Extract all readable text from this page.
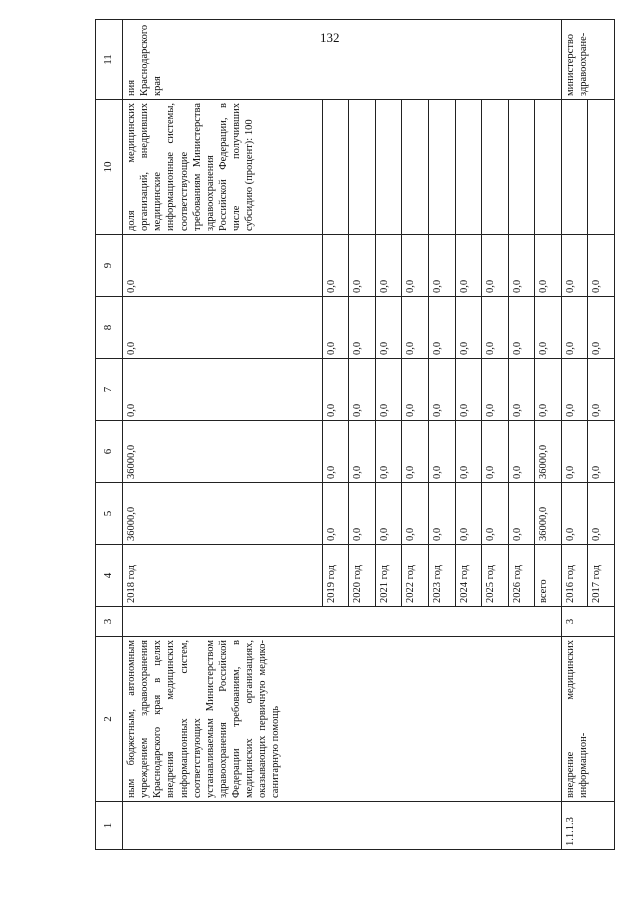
132
1	2	3	4	5	6	7	8	9	10	11
	ным бюджетным, автономным учреждением здравоохранения Краснодарского края в целях внедрения медицинских информационных систем, соответствующих устанавливаемым Министерством здравоохранения Российской Федерации требованиям, в медицинских организациях, оказывающих первичную медико-санитарную помощь		2018 год	36000,0	36000,0	0,0	0,0	0,0	доля медицинских организаций, внедривших медицинские информационные системы, соответствующие требованиям Министерства здравоохранения Российской Федерации, в числе получивших субсидию (процент): 100	ния Краснодарского края
			2019 год	0,0	0,0	0,0	0,0	0,0		
			2020 год	0,0	0,0	0,0	0,0	0,0		
			2021 год	0,0	0,0	0,0	0,0	0,0		
			2022 год	0,0	0,0	0,0	0,0	0,0		
			2023 год	0,0	0,0	0,0	0,0	0,0		
			2024 год	0,0	0,0	0,0	0,0	0,0		
			2025 год	0,0	0,0	0,0	0,0	0,0		
			2026 год	0,0	0,0	0,0	0,0	0,0		
			всего	36000,0	36000,0	0,0	0,0	0,0		
1.1.1.3	внедрение медицинских информацион-	3	2016 год	0,0	0,0	0,0	0,0	0,0		министерство здравоохране-
			2017 год	0,0	0,0	0,0	0,0	0,0		
